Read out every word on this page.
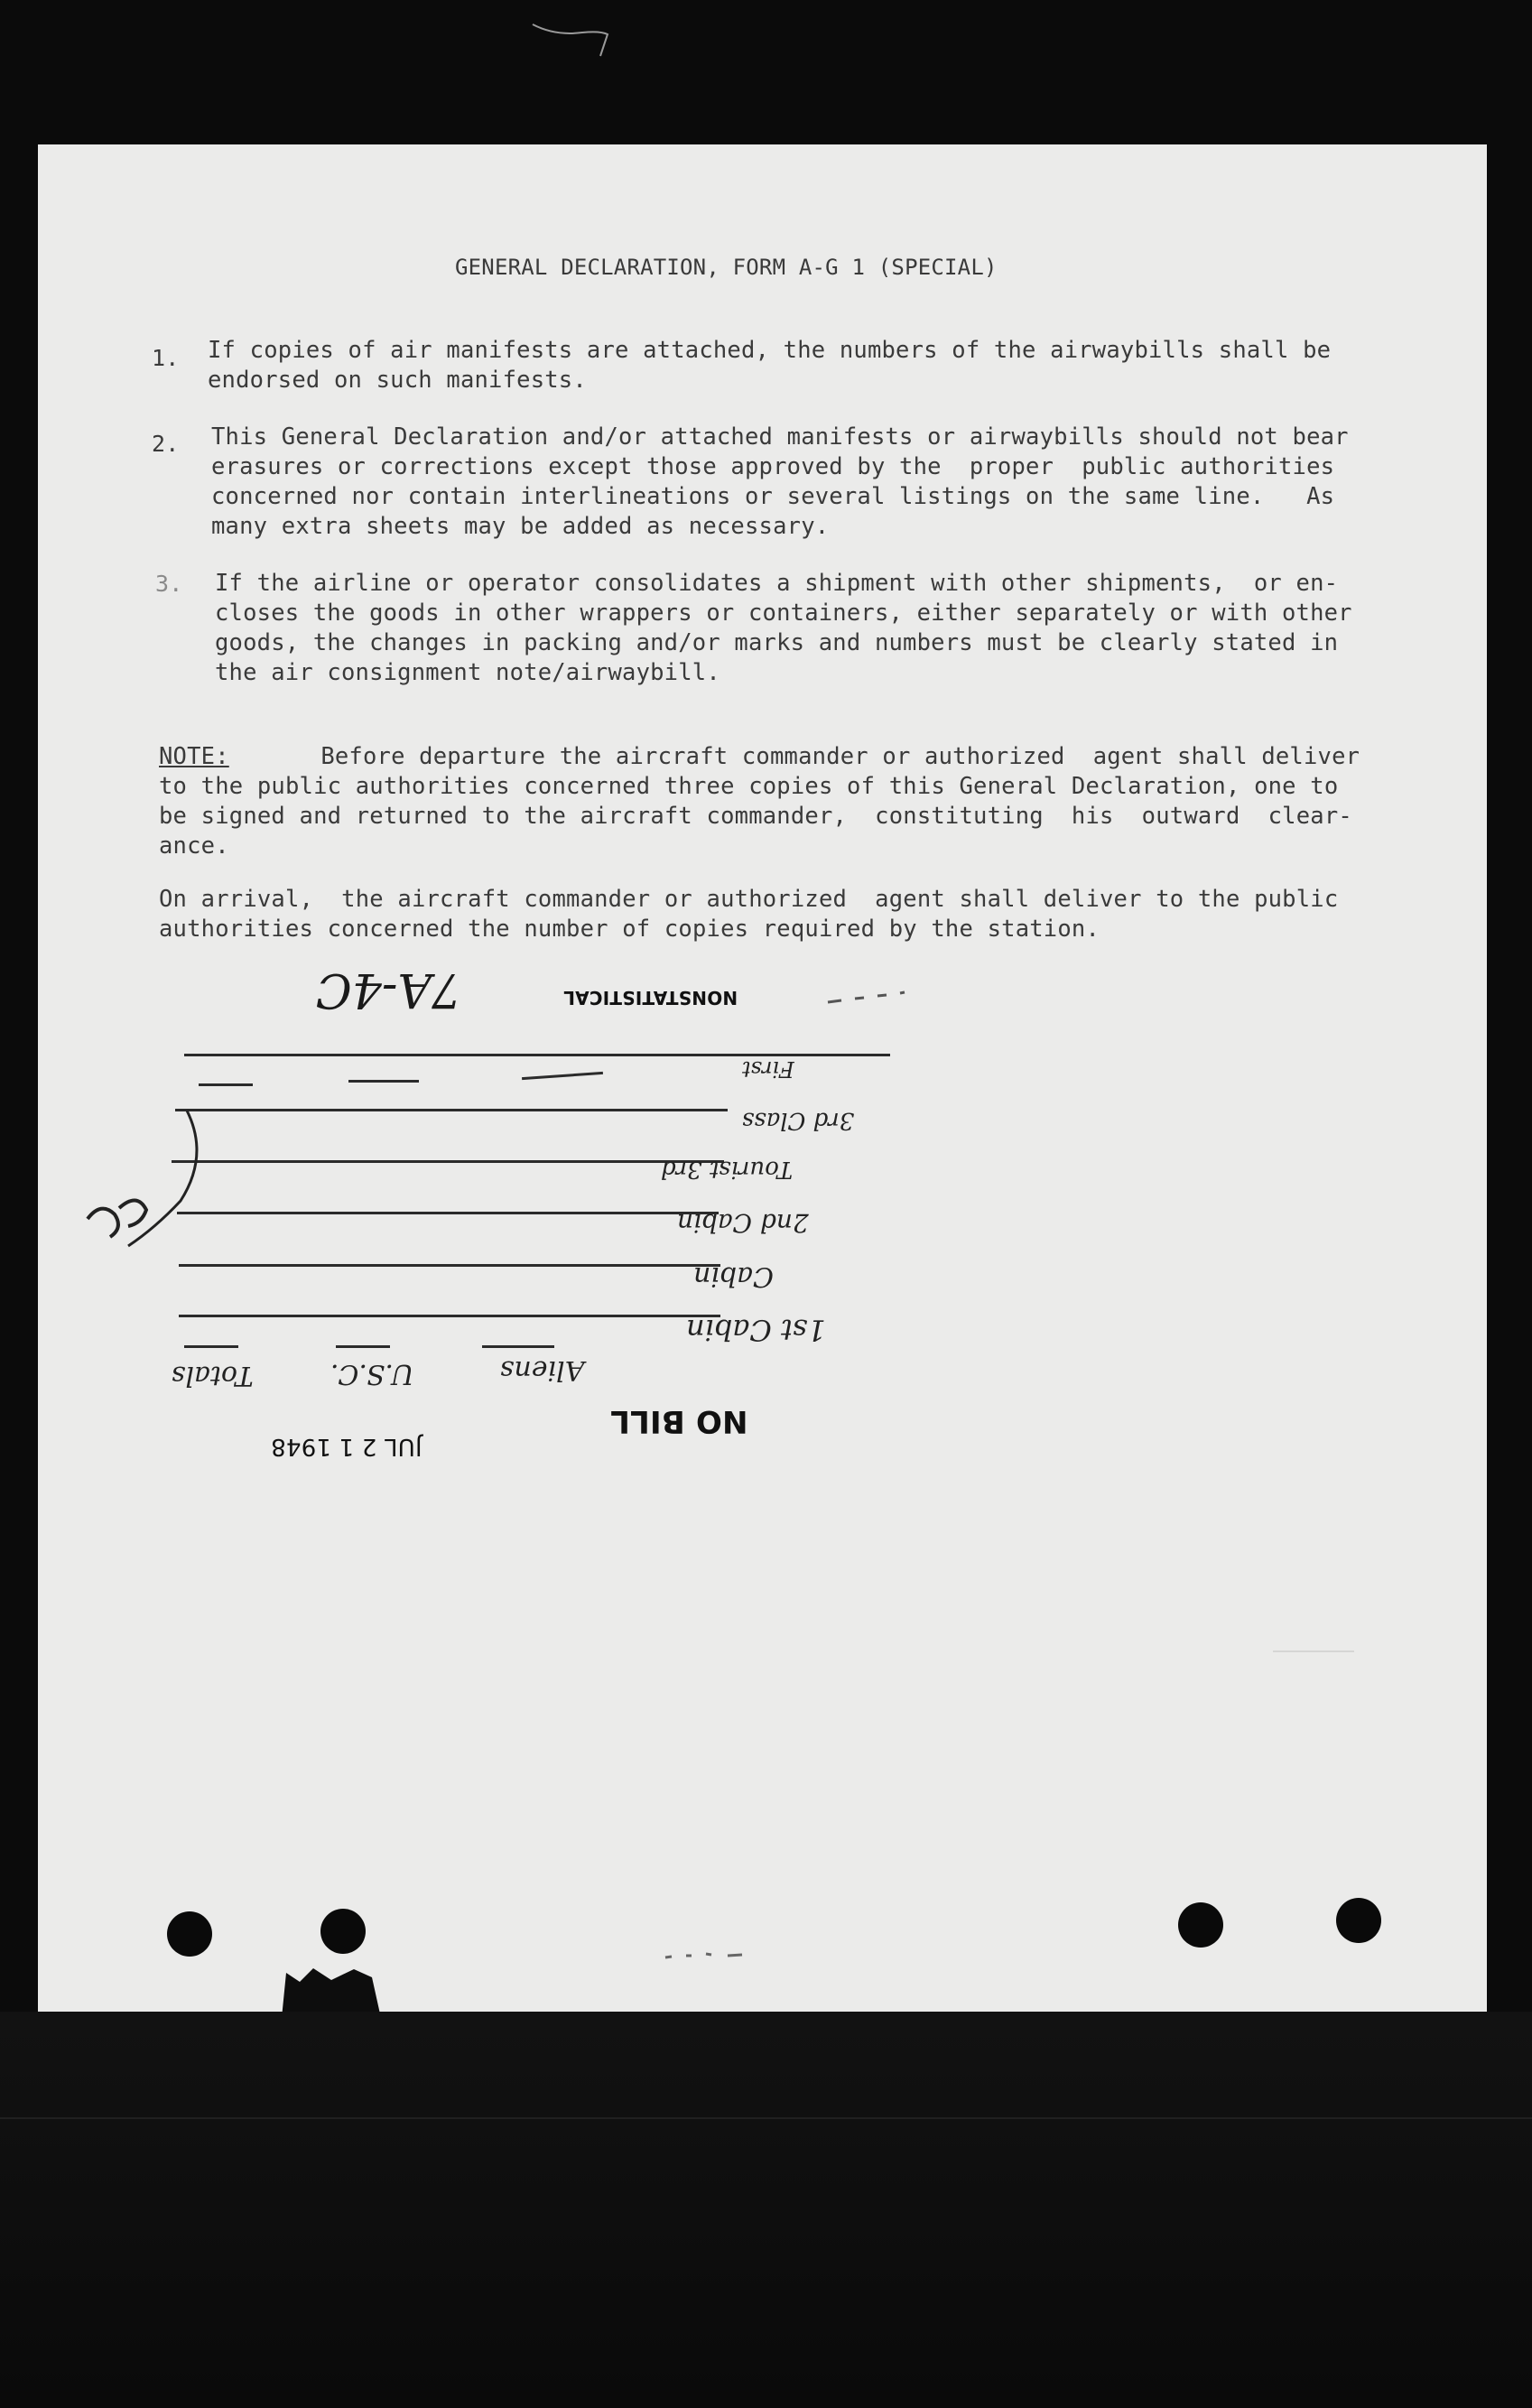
GENERAL DECLARATION, FORM A-G 1 (SPECIAL)
1. If copies of air manifests are attached, the numbers of the airwaybills shall be
endorsed on such manifests.
2. This General Declaration and/or attached manifests or airwaybills should not bear
erasures or corrections except those approved by the  proper  public authorities
concerned nor contain interlineations or several listings on the same line.   As
many extra sheets may be added as necessary.
3. If the airline or operator consolidates a shipment with other shipments,  or en-
closes the goods in other wrappers or containers, either separately or with other
goods, the changes in packing and/or marks and numbers must be clearly stated in
the air consignment note/airwaybill.
NOTE: Before departure the aircraft commander or authorized  agent shall deliver
to the public authorities concerned three copies of this General Declaration, one to
be signed and returned to the aircraft commander,  constituting  his  outward  clear-
ance.
On arrival,  the aircraft commander or authorized  agent shall deliver to the public
authorities concerned the number of copies required by the station.
NONSTATISTICAL
7A-4C
First
3rd Class
Tourist 3rd
2nd Cabin
Cabin
1st Cabin
Totals	U.S.C.	Aliens
NO BILL
JUL 2 1 1948
